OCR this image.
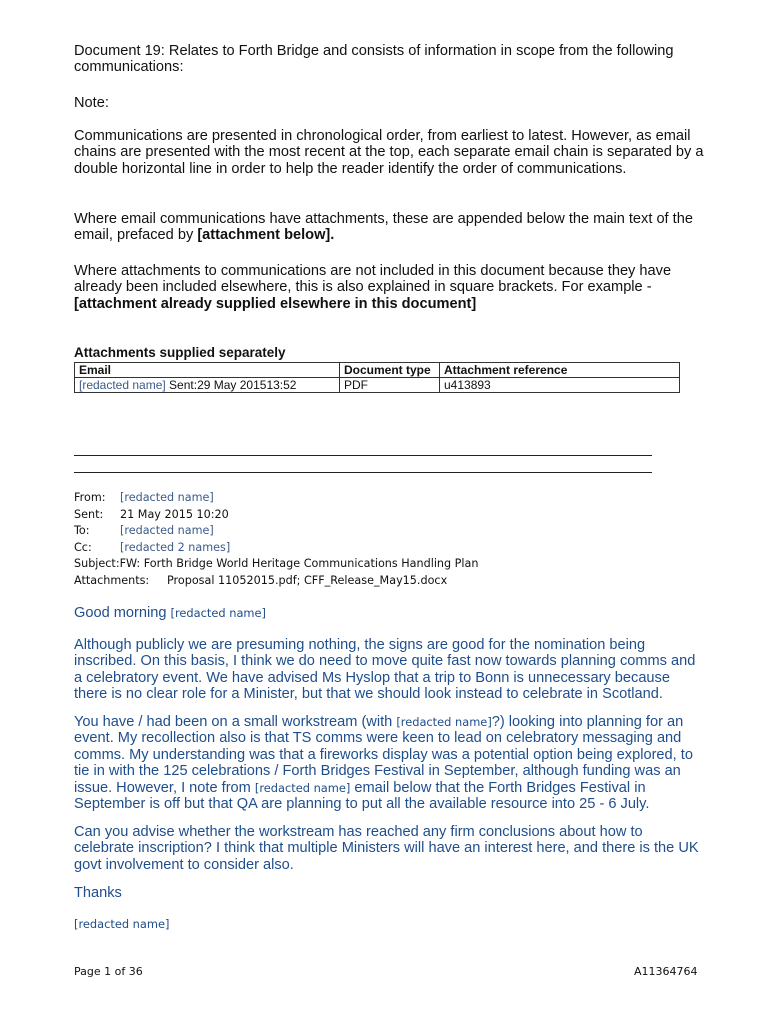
Document 19: Relates to Forth Bridge and consists of information in scope from the following communications:
Note:
Communications are presented in chronological order, from earliest to latest. However, as email chains are presented with the most recent at the top, each separate email chain is separated by a double horizontal line in order to help the reader identify the order of communications.
Where email communications have attachments, these are appended below the main text of the email, prefaced by [attachment below].
Where attachments to communications are not included in this document because they have already been included elsewhere, this is also explained in square brackets. For example - [attachment already supplied elsewhere in this document]
Attachments supplied separately
Email	Document type	Attachment reference
[redacted name] Sent:29 May 201513:52	PDF	u413893
From: [redacted name]
Sent: 21 May 2015 10:20
To:	[redacted name]
Cc:	[redacted 2 names]
Subject:FW: Forth Bridge World Heritage Communications Handling Plan
Attachments: Proposal 11052015.pdf; CFF_Release_May15.docx
Good morning [redacted name]
Although publicly we are presuming nothing, the signs are good for the nomination being inscribed. On this basis, I think we do need to move quite fast now towards planning comms and a celebratory event. We have advised Ms Hyslop that a trip to Bonn is unnecessary because there is no clear role for a Minister, but that we should look instead to celebrate in Scotland.
You have / had been on a small workstream (with [redacted name]?) looking into planning for an event. My recollection also is that TS comms were keen to lead on celebratory messaging and comms. My understanding was that a fireworks display was a potential option being explored, to tie in with the 125 celebrations / Forth Bridges Festival in September, although funding was an issue. However, I note from [redacted name] email below that the Forth Bridges Festival in September is off but that QA are planning to put all the available resource into 25 - 6 July.
Can you advise whether the workstream has reached any firm conclusions about how to celebrate inscription? I think that multiple Ministers will have an interest here, and there is the UK govt involvement to consider also.
Thanks
[redacted name]
Page 1 of 36	A11364764
